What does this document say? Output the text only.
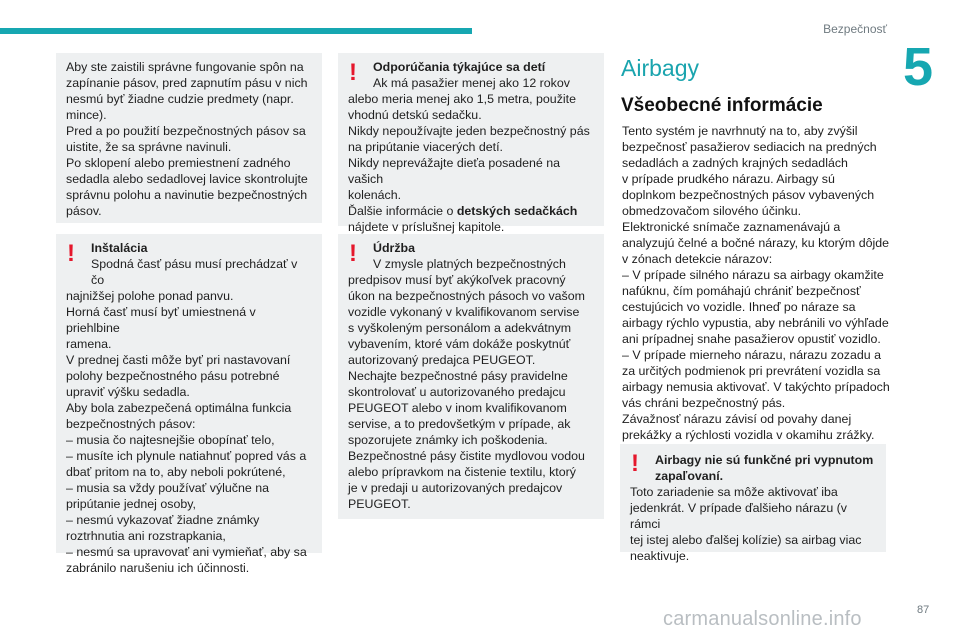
Bezpečnosť
5

Aby ste zaistili správne fungovanie spôn na

zapínanie pásov, pred zapnutím pásu v nich

nesmú byť žiadne cudzie predmety (napr.

mince).

Pred a po použití bezpečnostných pásov sa

uistite, že sa správne navinuli.

Po sklopení alebo premiestnení zadného

sedadla alebo sedadlovej lavice skontrolujte

správnu polohu a navinutie bezpečnostných

pásov.

!	Inštalácia

Spodná časť pásu musí prechádzať v čo

najnižšej polohe ponad panvu.

Horná časť musí byť umiestnená v priehlbine

ramena.

V prednej časti môže byť pri nastavovaní

polohy bezpečnostného pásu potrebné

upraviť výšku sedadla.

Aby bola zabezpečená optimálna funkcia

bezpečnostných pásov:

– musia čo najtesnejšie obopínať telo,

– musíte ich plynule natiahnuť popred vás a

dbať pritom na to, aby neboli pokrútené,

– musia sa vždy používať výlučne na

pripútanie jednej osoby,

– nesmú vykazovať žiadne známky

roztrhnutia ani rozstrapkania,

– nesmú sa upravovať ani vymieňať, aby sa

zabránilo narušeniu ich účinnosti.

!	Odporúčania týkajúce sa detí

Ak má pasažier menej ako 12 rokov

alebo meria menej ako 1,5 metra, použite

vhodnú detskú sedačku.

Nikdy nepoužívajte jeden bezpečnostný pás

na pripútanie viacerých detí.

Nikdy neprevážajte dieťa posadené na vašich

kolenách.

Ďalšie informácie o detských sedačkách

nájdete v príslušnej kapitole.

!	Údržba

V zmysle platných bezpečnostných

predpisov musí byť akýkoľvek pracovný

úkon na bezpečnostných pásoch vo vašom

vozidle vykonaný v kvalifikovanom servise

s vyškoleným personálom a adekvátnym

vybavením, ktoré vám dokáže poskytnúť

autorizovaný predajca PEUGEOT.

Nechajte bezpečnostné pásy pravidelne

skontrolovať u autorizovaného predajcu

PEUGEOT alebo v inom kvalifikovanom

servise, a to predovšetkým v prípade, ak

spozorujete známky ich poškodenia.

Bezpečnostné pásy čistite mydlovou vodou

alebo prípravkom na čistenie textilu, ktorý

je v predaji u autorizovaných predajcov

PEUGEOT.

Airbagy
Všeobecné informácie

Tento systém je navrhnutý na to, aby zvýšil

bezpečnosť pasažierov sediacich na predných

sedadlách a zadných krajných sedadlách

v prípade prudkého nárazu. Airbagy sú

doplnkom bezpečnostných pásov vybavených

obmedzovačom silového účinku.

Elektronické snímače zaznamenávajú a

analyzujú čelné a bočné nárazy, ku ktorým dôjde

v zónach detekcie nárazov:

– V prípade silného nárazu sa airbagy okamžite

nafúknu, čím pomáhajú chrániť bezpečnosť

cestujúcich vo vozidle. Ihneď po náraze sa

airbagy rýchlo vypustia, aby nebránili vo výhľade

ani prípadnej snahe pasažierov opustiť vozidlo.

– V prípade mierneho nárazu, nárazu zozadu a

za určitých podmienok pri prevrátení vozidla sa

airbagy nemusia aktivovať. V takýchto prípadoch

vás chráni bezpečnostný pás.

Závažnosť nárazu závisí od povahy danej

prekážky a rýchlosti vozidla v okamihu zrážky.

! Airbagy nie sú funkčné pri vypnutom

zapaľovaní.

Toto zariadenie sa môže aktivovať iba

jedenkrát. V prípade ďalšieho nárazu (v rámci

tej istej alebo ďalšej kolízie) sa airbag viac

neaktivuje.

87
carmanualsonline.info
